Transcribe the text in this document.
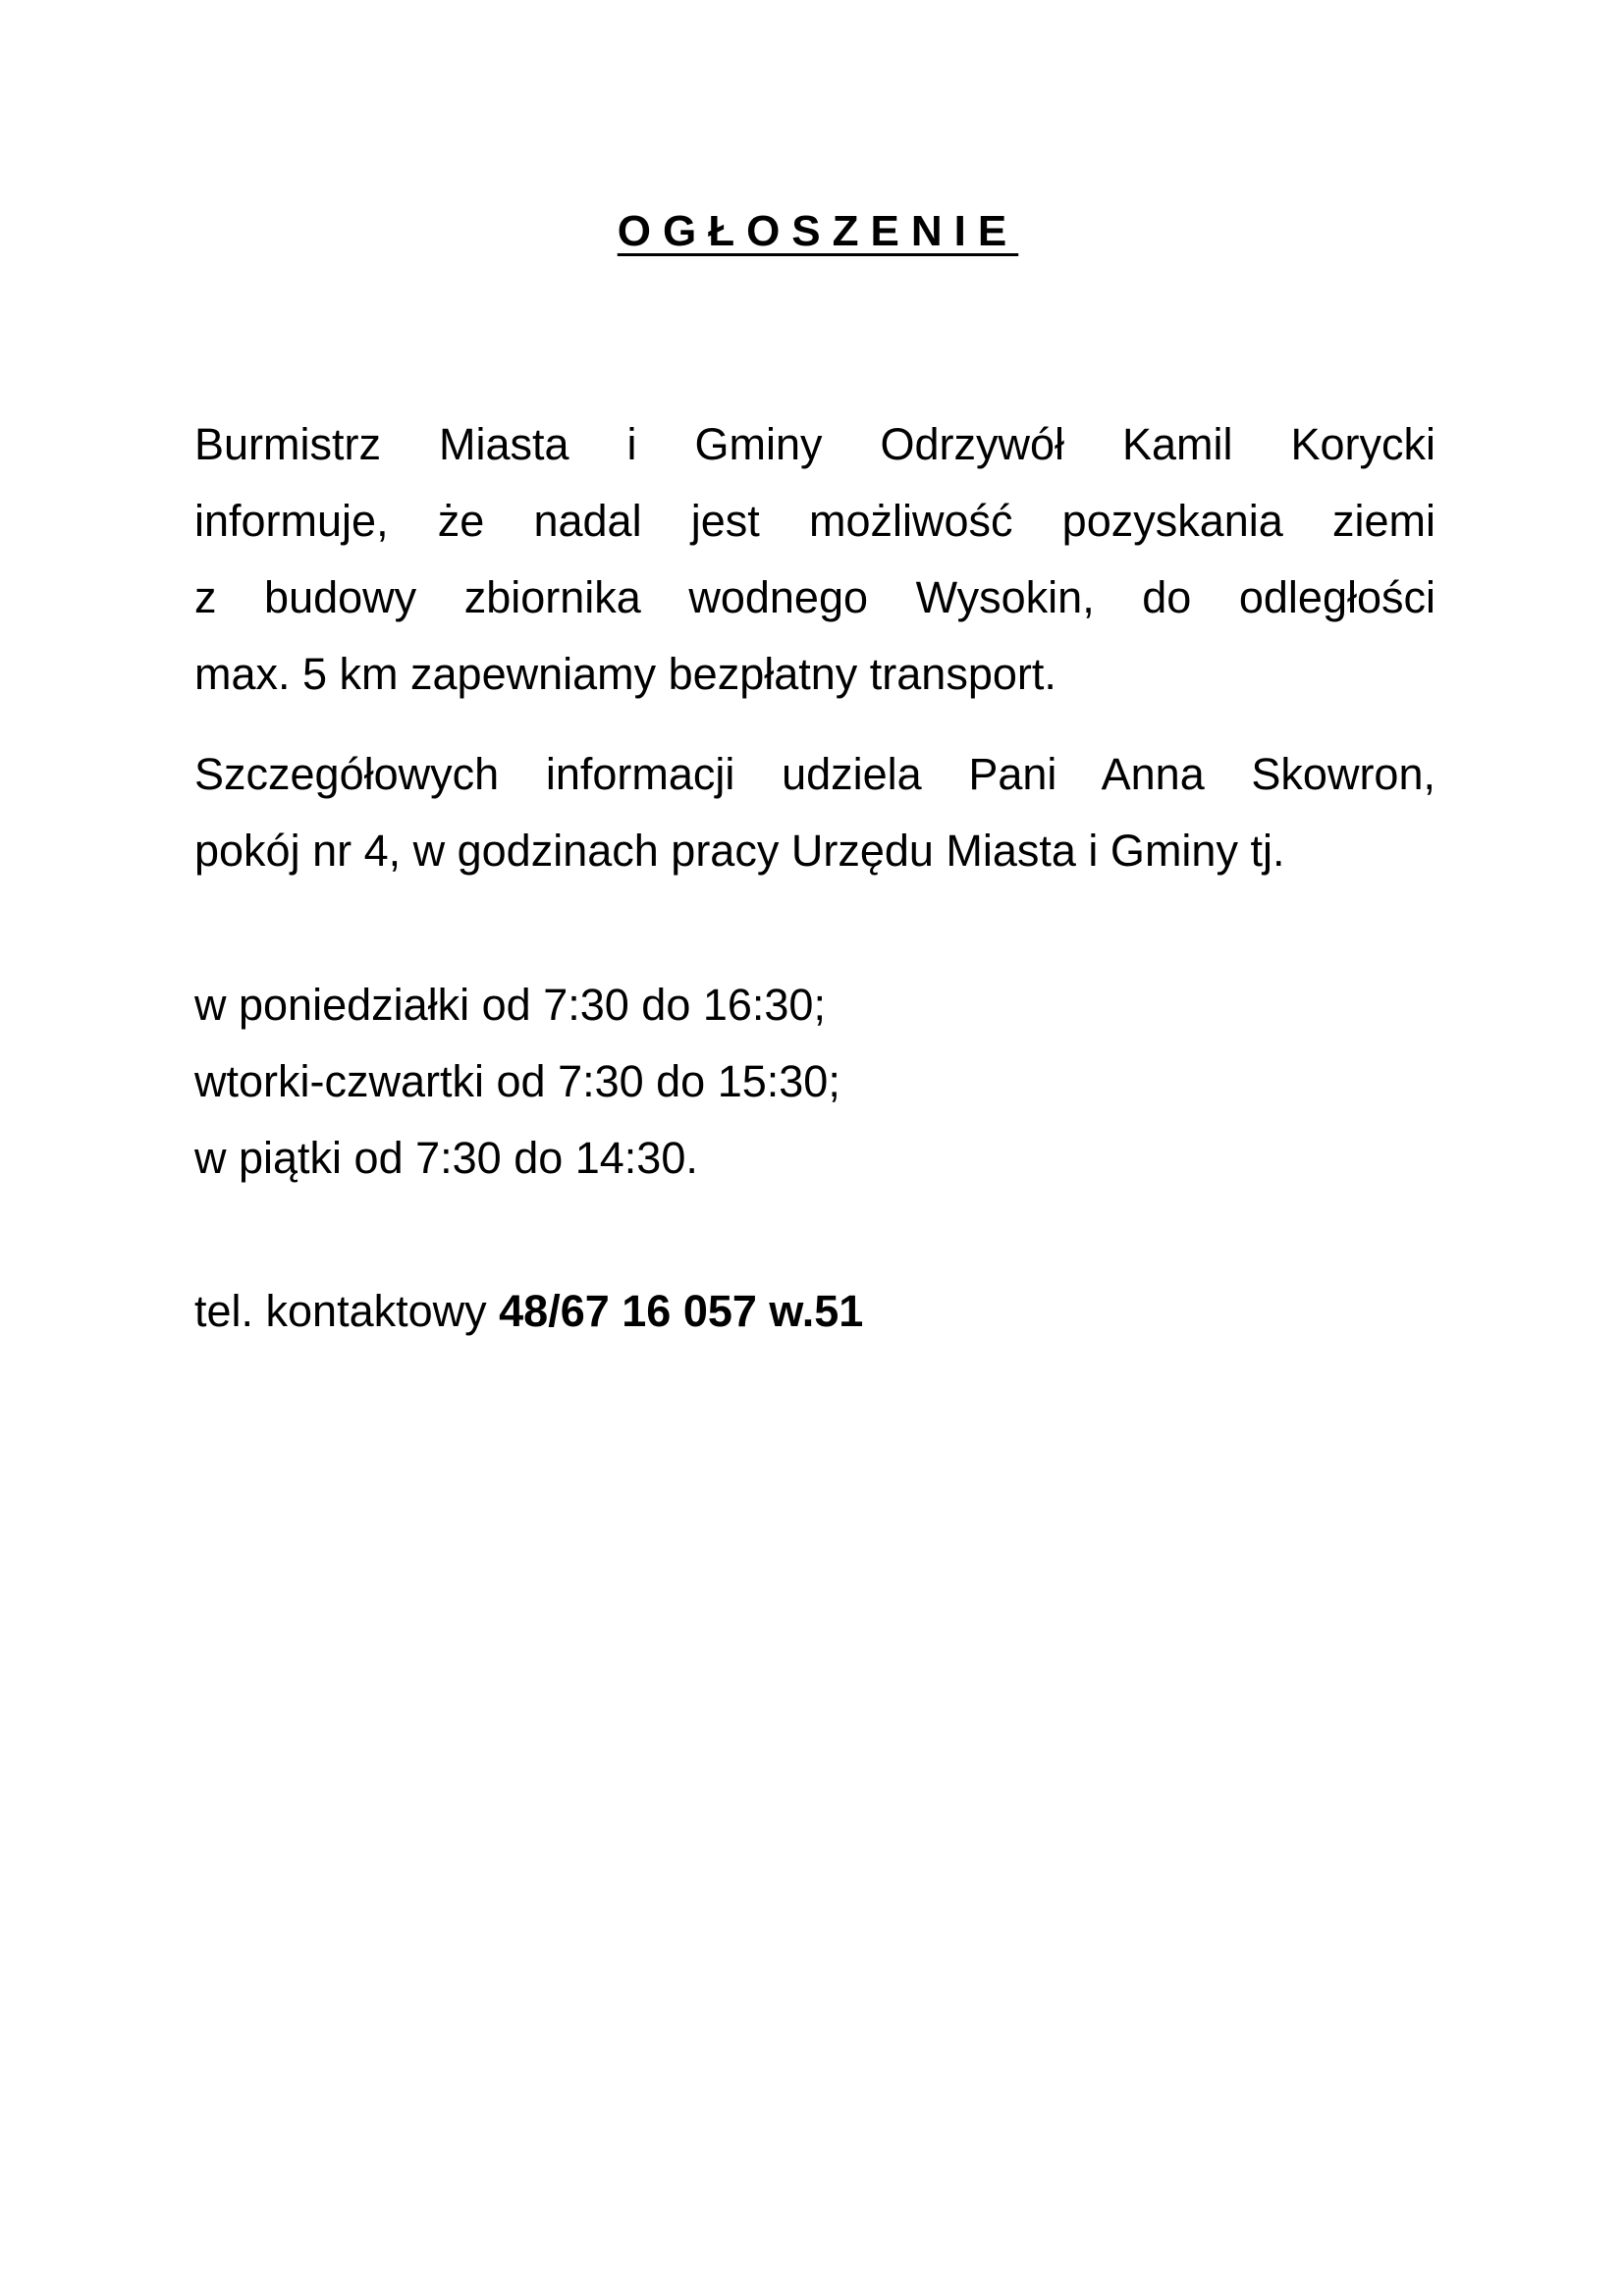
OGŁOSZENIE
Burmistrz Miasta i Gminy Odrzywół Kamil Korycki
informuje, że nadal jest możliwość pozyskania ziemi
z budowy zbiornika wodnego Wysokin, do odległości
max. 5 km zapewniamy bezpłatny transport.
Szczegółowych informacji udziela Pani Anna Skowron,
pokój nr 4, w godzinach pracy Urzędu Miasta i Gminy tj.
w poniedziałki od 7:30 do 16:30;
wtorki-czwartki od 7:30 do 15:30;
w piątki od 7:30 do 14:30.
tel. kontaktowy 48/67 16 057 w.51
